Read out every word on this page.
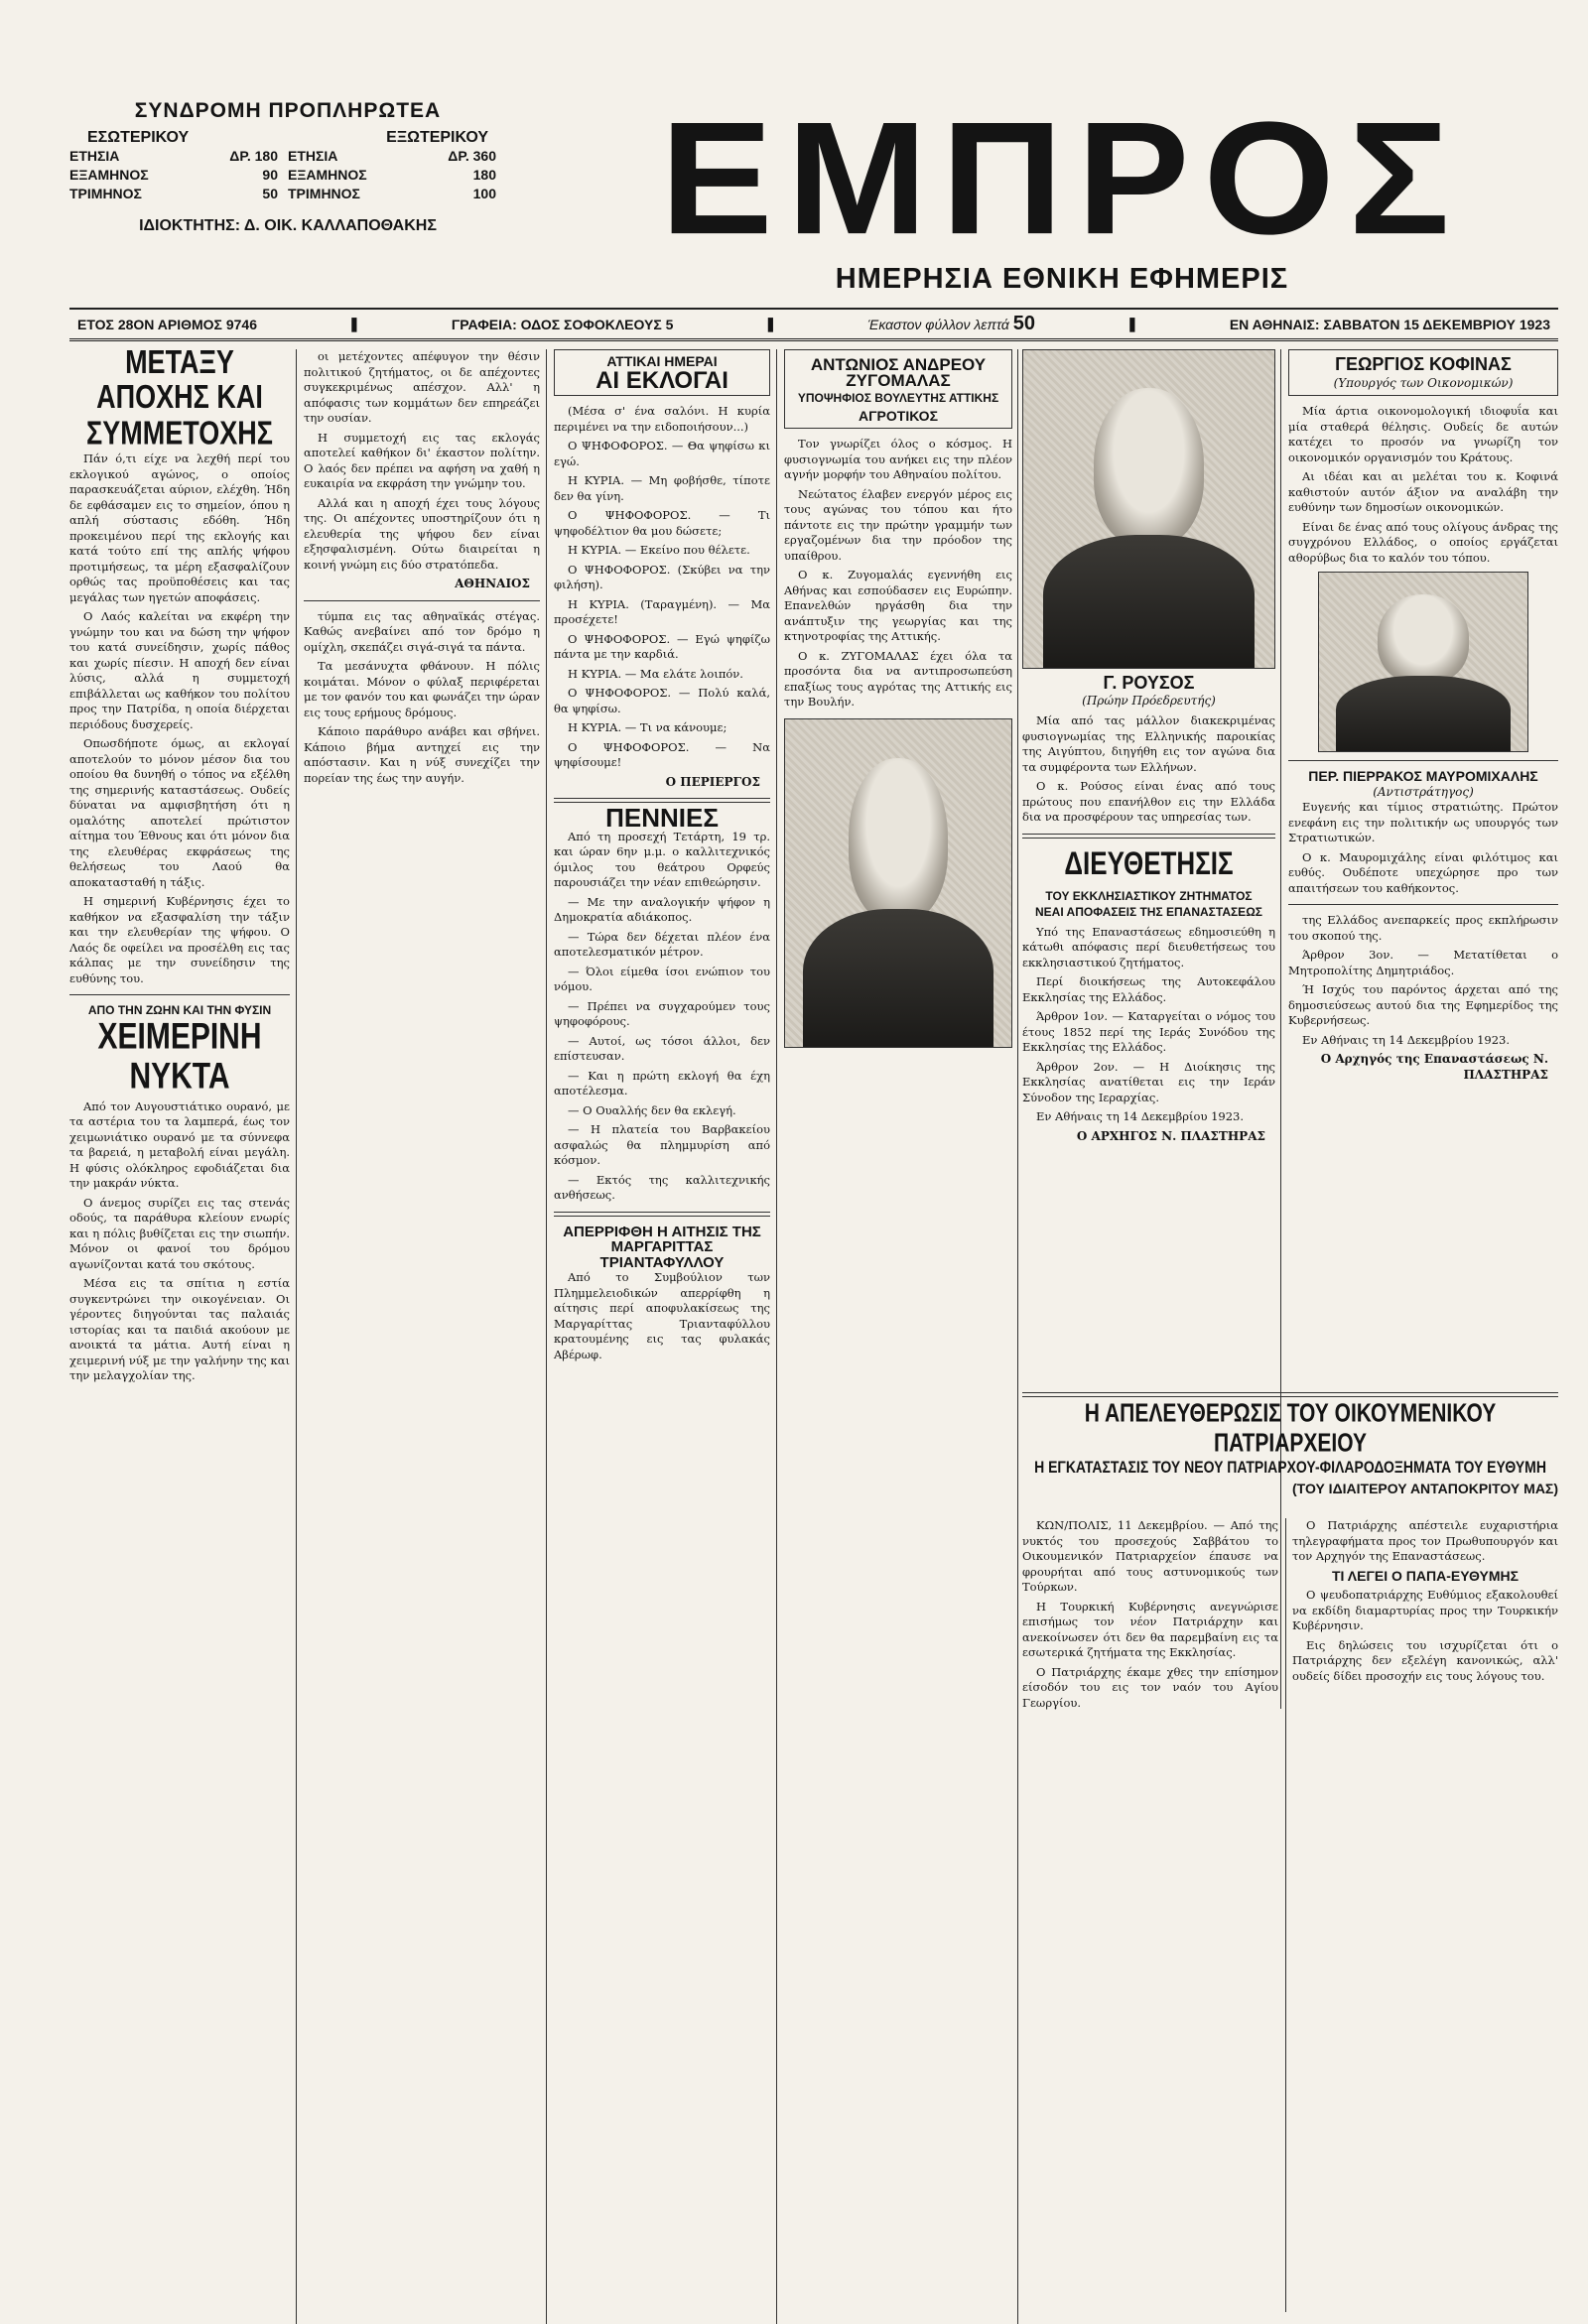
ΣΥΝΔΡΟΜΗ ΠΡΟΠΛΗΡΩΤΕΑ
ΕΣΩΤΕΡΙΚΟΥ	ΕΞΩΤΕΡΙΚΟΥ
ΕΤΗΣΙΑ	ΔΡ. 180 ΕΤΗΣΙΑ	ΔΡ. 360
ΕΞΑΜΗΝΟΣ	90 ΕΞΑΜΗΝΟΣ	180
ΤΡΙΜΗΝΟΣ	50 ΤΡΙΜΗΝΟΣ	100
ΙΔΙΟΚΤΗΤΗΣ: Δ. ΟΙΚ. ΚΑΛΛΑΠΟΘΑΚΗΣ	ΕΜΠΡΟΣ
ΗΜΕΡΗΣΙΑ ΕΘΝΙΚΗ ΕΦΗΜΕΡΙΣ
ΕΤΟΣ 28ΟΝ ΑΡΙΘΜΟΣ 9746	❚	ΓΡΑΦΕΙΑ: ΟΔΟΣ ΣΟΦΟΚΛΕΟΥΣ 5	❚	Έκαστον φύλλον λεπτά 50	❚	ΕΝ ΑΘΗΝΑΙΣ: ΣΑΒΒΑΤΟΝ 15 ΔΕΚΕΜΒΡΙΟΥ 1923
ΜΕΤΑΞΥ ΑΠΟΧΗΣ ΚΑΙ ΣΥΜΜΕΤΟΧΗΣ

Πάν ό,τι είχε να λεχθή περί του εκλογικού αγώνος, ο οποίος παρασκευάζεται αύριον, ελέχθη. Ήδη δε εφθάσαμεν εις το σημείον, όπου η απλή σύστασις εδόθη. Ήδη προκειμένου περί της εκλογής και κατά τούτο επί της απλής ψήφου προτιμήσεως, τα μέρη εξασφαλίζουν ορθώς τας προϋποθέσεις και τας μεγάλας των ηγετών αποφάσεις.

Ο Λαός καλείται να εκφέρη την γνώμην του και να δώση την ψήφον του κατά συνείδησιν, χωρίς πάθος και χωρίς πίεσιν. Η αποχή δεν είναι λύσις, αλλά η συμμετοχή επιβάλλεται ως καθήκον του πολίτου προς την Πατρίδα, η οποία διέρχεται περιόδους δυσχερείς.

Οπωσδήποτε όμως, αι εκλογαί αποτελούν το μόνον μέσον δια του οποίου θα δυνηθή ο τόπος να εξέλθη της σημερινής καταστάσεως. Ουδείς δύναται να αμφισβητήση ότι η ομαλότης αποτελεί πρώτιστον αίτημα του Έθνους και ότι μόνον δια της ελευθέρας εκφράσεως της θελήσεως του Λαού θα αποκατασταθή η τάξις.

Η σημερινή Κυβέρνησις έχει το καθήκον να εξασφαλίση την τάξιν και την ελευθερίαν της ψήφου. Ο Λαός δε οφείλει να προσέλθη εις τας κάλπας με την συνείδησιν της ευθύνης του.

ΑΠΟ ΤΗΝ ΖΩΗΝ ΚΑΙ ΤΗΝ ΦΥΣΙΝ
ΧΕΙΜΕΡΙΝΗ ΝΥΚΤΑ

Από τον Αυγουστιάτικο ουρανό, με τα αστέρια του τα λαμπερά, έως τον χειμωνιάτικο ουρανό με τα σύννεφα τα βαρειά, η μεταβολή είναι μεγάλη. Η φύσις ολόκληρος εφοδιάζεται δια την μακράν νύκτα.

Ο άνεμος συρίζει εις τας στενάς οδούς, τα παράθυρα κλείουν ενωρίς και η πόλις βυθίζεται εις την σιωπήν. Μόνον οι φανοί του δρόμου αγωνίζονται κατά του σκότους.

Μέσα εις τα σπίτια η εστία συγκεντρώνει την οικογένειαν. Οι γέροντες διηγούνται τας παλαιάς ιστορίας και τα παιδιά ακούουν με ανοικτά τα μάτια. Αυτή είναι η χειμερινή νύξ με την γαλήνην της και την μελαγχολίαν της.

οι μετέχοντες απέφυγον την θέσιν πολιτικού ζητήματος, οι δε απέχοντες συγκεκριμένως απέσχον. Αλλ' η απόφασις των κομμάτων δεν επηρεάζει την ουσίαν.

Η συμμετοχή εις τας εκλογάς αποτελεί καθήκον δι' έκαστον πολίτην. Ο λαός δεν πρέπει να αφήση να χαθή η ευκαιρία να εκφράση την γνώμην του.

Αλλά και η αποχή έχει τους λόγους της. Οι απέχοντες υποστηρίζουν ότι η ελευθερία της ψήφου δεν είναι εξησφαλισμένη. Ούτω διαιρείται η κοινή γνώμη εις δύο στρατόπεδα.

ΑΘΗΝΑΙΟΣ

τύμπα εις τας αθηναϊκάς στέγας. Καθώς ανεβαίνει από τον δρόμο η ομίχλη, σκεπάζει σιγά-σιγά τα πάντα.

Τα μεσάνυχτα φθάνουν. Η πόλις κοιμάται. Μόνον ο φύλαξ περιφέρεται με τον φανόν του και φωνάζει την ώραν εις τους ερήμους δρόμους.

Κάποιο παράθυρο ανάβει και σβήνει. Κάποιο βήμα αντηχεί εις την απόστασιν. Και η νύξ συνεχίζει την πορείαν της έως την αυγήν.

ΑΤΤΙΚΑΙ ΗΜΕΡΑΙ
ΑΙ ΕΚΛΟΓΑΙ

(Μέσα σ' ένα σαλόνι. Η κυρία περιμένει να την ειδοποιήσουν...)

Ο ΨΗΦΟΦΟΡΟΣ. — Θα ψηφίσω κι εγώ.

Η ΚΥΡΙΑ. — Μη φοβήσθε, τίποτε δεν θα γίνη.

Ο ΨΗΦΟΦΟΡΟΣ. — Τι ψηφοδέλτιον θα μου δώσετε;

Η ΚΥΡΙΑ. — Εκείνο που θέλετε.

Ο ΨΗΦΟΦΟΡΟΣ. (Σκύβει να την φιλήση).

Η ΚΥΡΙΑ. (Ταραγμένη). — Μα προσέχετε!

Ο ΨΗΦΟΦΟΡΟΣ. — Εγώ ψηφίζω πάντα με την καρδιά.

Η ΚΥΡΙΑ. — Μα ελάτε λοιπόν.

Ο ΨΗΦΟΦΟΡΟΣ. — Πολύ καλά, θα ψηφίσω.

Η ΚΥΡΙΑ. — Τι να κάνουμε;

Ο ΨΗΦΟΦΟΡΟΣ. — Να ψηφίσουμε!

Ο ΠΕΡΙΕΡΓΟΣ
ΠΕΝΝΙΕΣ

Από τη προσεχή Τετάρτη, 19 τρ. και ώραν 6ην μ.μ. ο καλλιτεχνικός όμιλος του θεάτρου Ορφεύς παρουσιάζει την νέαν επιθεώρησιν.

— Με την αναλογικήν ψήφον η Δημοκρατία αδιάκοπος.

— Τώρα δεν δέχεται πλέον ένα αποτελεσματικόν μέτρον.

— Όλοι είμεθα ίσοι ενώπιον του νόμου.

— Πρέπει να συγχαρούμεν τους ψηφοφόρους.

— Αυτοί, ως τόσοι άλλοι, δεν επίστευσαν.

— Και η πρώτη εκλογή θα έχη αποτέλεσμα.

— Ο Ουαλλής δεν θα εκλεγή.

— Η πλατεία του Βαρβακείου ασφαλώς θα πλημμυρίση από κόσμον.

— Εκτός της καλλιτεχνικής ανθήσεως.

ΑΠΕΡΡΙΦΘΗ Η ΑΙΤΗΣΙΣ ΤΗΣ ΜΑΡΓΑΡΙΤΤΑΣ ΤΡΙΑΝΤΑΦΥΛΛΟΥ

Από το Συμβούλιον των Πλημμελειοδικών απερρίφθη η αίτησις περί αποφυλακίσεως της Μαργαρίττας Τριανταφύλλου κρατουμένης εις τας φυλακάς Αβέρωφ.

ΑΝΤΩΝΙΟΣ ΑΝΔΡΕΟΥ ΖΥΓΟΜΑΛΑΣ
ΥΠΟΨΗΦΙΟΣ ΒΟΥΛΕΥΤΗΣ ΑΤΤΙΚΗΣ
ΑΓΡΟΤΙΚΟΣ

Τον γνωρίζει όλος ο κόσμος. Η φυσιογνωμία του ανήκει εις την πλέον αγνήν μορφήν του Αθηναίου πολίτου.

Νεώτατος έλαβεν ενεργόν μέρος εις τους αγώνας του τόπου και ήτο πάντοτε εις την πρώτην γραμμήν των εργαζομένων δια την πρόοδον της υπαίθρου.

Ο κ. Ζυγομαλάς εγεννήθη εις Αθήνας και εσπούδασεν εις Ευρώπην. Επανελθών ηργάσθη δια την ανάπτυξιν της γεωργίας και της κτηνοτροφίας της Αττικής.

Ο κ. ΖΥΓΟΜΑΛΑΣ έχει όλα τα προσόντα δια να αντιπροσωπεύση επαξίως τους αγρότας της Αττικής εις την Βουλήν.

Γ. ΡΟΥΣΟΣ
(Πρώην Πρόεδρευτής)

Μία από τας μάλλον διακεκριμένας φυσιογνωμίας της Ελληνικής παροικίας της Αιγύπτου, διηγήθη εις τον αγώνα δια τα συμφέροντα των Ελλήνων.

Ο κ. Ρούσος είναι ένας από τους πρώτους που επανήλθον εις την Ελλάδα δια να προσφέρουν τας υπηρεσίας των.

ΔΙΕΥΘΕΤΗΣΙΣ
ΤΟΥ ΕΚΚΛΗΣΙΑΣΤΙΚΟΥ ΖΗΤΗΜΑΤΟΣ
ΝΕΑΙ ΑΠΟΦΑΣΕΙΣ ΤΗΣ ΕΠΑΝΑΣΤΑΣΕΩΣ

Υπό της Επαναστάσεως εδημοσιεύθη η κάτωθι απόφασις περί διευθετήσεως του εκκλησιαστικού ζητήματος.

Περί διοικήσεως της Αυτοκεφάλου Εκκλησίας της Ελλάδος.

Άρθρον 1ον. — Καταργείται ο νόμος του έτους 1852 περί της Ιεράς Συνόδου της Εκκλησίας της Ελλάδος.

Άρθρον 2ον. — Η Διοίκησις της Εκκλησίας ανατίθεται εις την Ιεράν Σύνοδον της Ιεραρχίας.

Εν Αθήναις τη 14 Δεκεμβρίου 1923.

Ο ΑΡΧΗΓΟΣ Ν. ΠΛΑΣΤΗΡΑΣ
ΓΕΩΡΓΙΟΣ ΚΟΦΙΝΑΣ
(Υπουργός των Οικονομικών)

Μία άρτια οικονομολογική ιδιοφυΐα και μία σταθερά θέλησις. Ουδείς δε αυτών κατέχει το προσόν να γνωρίζη τον οικονομικόν οργανισμόν του Κράτους.

Αι ιδέαι και αι μελέται του κ. Κοφινά καθιστούν αυτόν άξιον να αναλάβη την ευθύνην των δημοσίων οικονομικών.

Είναι δε ένας από τους ολίγους άνδρας της συγχρόνου Ελλάδος, ο οποίος εργάζεται αθορύβως δια το καλόν του τόπου.

ΠΕΡ. ΠΙΕΡΡΑΚΟΣ ΜΑΥΡΟΜΙΧΑΛΗΣ
(Αντιστράτηγος)

Ευγενής και τίμιος στρατιώτης. Πρώτον ενεφάνη εις την πολιτικήν ως υπουργός των Στρατιωτικών.

Ο κ. Μαυρομιχάλης είναι φιλότιμος και ευθύς. Ουδέποτε υπεχώρησε προ των απαιτήσεων του καθήκοντος.

της Ελλάδος ανεπαρκείς προς εκπλήρωσιν του σκοπού της.

Άρθρον 3ον. — Μετατίθεται ο Μητροπολίτης Δημητριάδος.

Ή Ισχύς του παρόντος άρχεται από της δημοσιεύσεως αυτού δια της Εφημερίδος της Κυβερνήσεως.

Εν Αθήναις τη 14 Δεκεμβρίου 1923.

Ο Αρχηγός της Επαναστάσεως Ν. ΠΛΑΣΤΗΡΑΣ
Η ΑΠΕΛΕΥΘΕΡΩΣΙΣ ΤΟΥ ΟΙΚΟΥΜΕΝΙΚΟΥ ΠΑΤΡΙΑΡΧΕΙΟΥ
Η ΕΓΚΑΤΑΣΤΑΣΙΣ ΤΟΥ ΝΕΟΥ ΠΑΤΡΙΑΡΧΟΥ-ΦΙΛΑΡΟΔΟΞΗΜΑΤΑ ΤΟΥ ΕΥΘΥΜΗ
(ΤΟΥ ΙΔΙΑΙΤΕΡΟΥ ΑΝΤΑΠΟΚΡΙΤΟΥ ΜΑΣ)

ΚΩΝ/ΠΟΛΙΣ, 11 Δεκεμβρίου. — Από της νυκτός του προσεχούς Σαββάτου το Οικουμενικόν Πατριαρχείον έπαυσε να φρουρήται από τους αστυνομικούς των Τούρκων.

Η Τουρκική Κυβέρνησις ανεγνώρισε επισήμως τον νέον Πατριάρχην και ανεκοίνωσεν ότι δεν θα παρεμβαίνη εις τα εσωτερικά ζητήματα της Εκκλησίας.

Ο Πατριάρχης έκαμε χθες την επίσημον είσοδόν του εις τον ναόν του Αγίου Γεωργίου.

Ο Πατριάρχης απέστειλε ευχαριστήρια τηλεγραφήματα προς τον Πρωθυπουργόν και τον Αρχηγόν της Επαναστάσεως.

ΤΙ ΛΕΓΕΙ Ο ΠΑΠΑ-ΕΥΘΥΜΗΣ

Ο ψευδοπατριάρχης Ευθύμιος εξακολουθεί να εκδίδη διαμαρτυρίας προς την Τουρκικήν Κυβέρνησιν.

Εις δηλώσεις του ισχυρίζεται ότι ο Πατριάρχης δεν εξελέγη κανονικώς, αλλ' ουδείς δίδει προσοχήν εις τους λόγους του.
